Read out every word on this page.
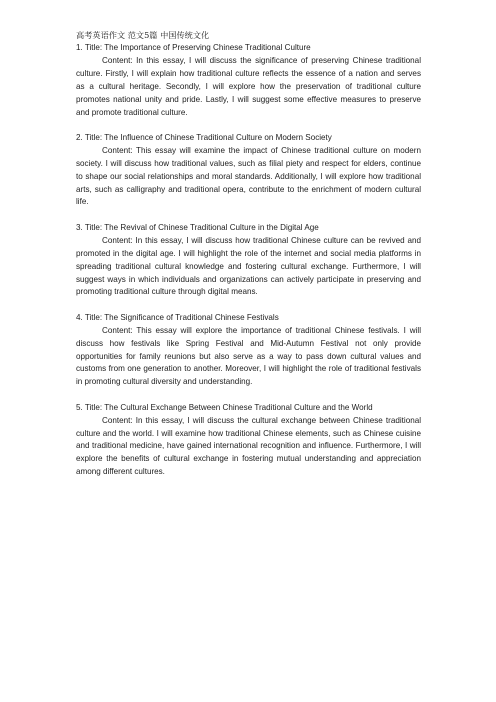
高考英语作文 范文5篇 中国传统文化

1. Title: The Importance of Preserving Chinese Traditional Culture

Content: In this essay, I will discuss the significance of preserving Chinese traditional culture. Firstly, I will explain how traditional culture reflects the essence of a nation and serves as a cultural heritage. Secondly, I will explore how the preservation of traditional culture promotes national unity and pride. Lastly, I will suggest some effective measures to preserve and promote traditional culture.

2. Title: The Influence of Chinese Traditional Culture on Modern Society

Content: This essay will examine the impact of Chinese traditional culture on modern society. I will discuss how traditional values, such as filial piety and respect for elders, continue to shape our social relationships and moral standards. Additionally, I will explore how traditional arts, such as calligraphy and traditional opera, contribute to the enrichment of modern cultural life.

3. Title: The Revival of Chinese Traditional Culture in the Digital Age

Content: In this essay, I will discuss how traditional Chinese culture can be revived and promoted in the digital age. I will highlight the role of the internet and social media platforms in spreading traditional cultural knowledge and fostering cultural exchange. Furthermore, I will suggest ways in which individuals and organizations can actively participate in preserving and promoting traditional culture through digital means.

4. Title: The Significance of Traditional Chinese Festivals

Content: This essay will explore the importance of traditional Chinese festivals. I will discuss how festivals like Spring Festival and Mid-Autumn Festival not only provide opportunities for family reunions but also serve as a way to pass down cultural values and customs from one generation to another. Moreover, I will highlight the role of traditional festivals in promoting cultural diversity and understanding.

5. Title: The Cultural Exchange Between Chinese Traditional Culture and the World

Content: In this essay, I will discuss the cultural exchange between Chinese traditional culture and the world. I will examine how traditional Chinese elements, such as Chinese cuisine and traditional medicine, have gained international recognition and influence. Furthermore, I will explore the benefits of cultural exchange in fostering mutual understanding and appreciation among different cultures.
